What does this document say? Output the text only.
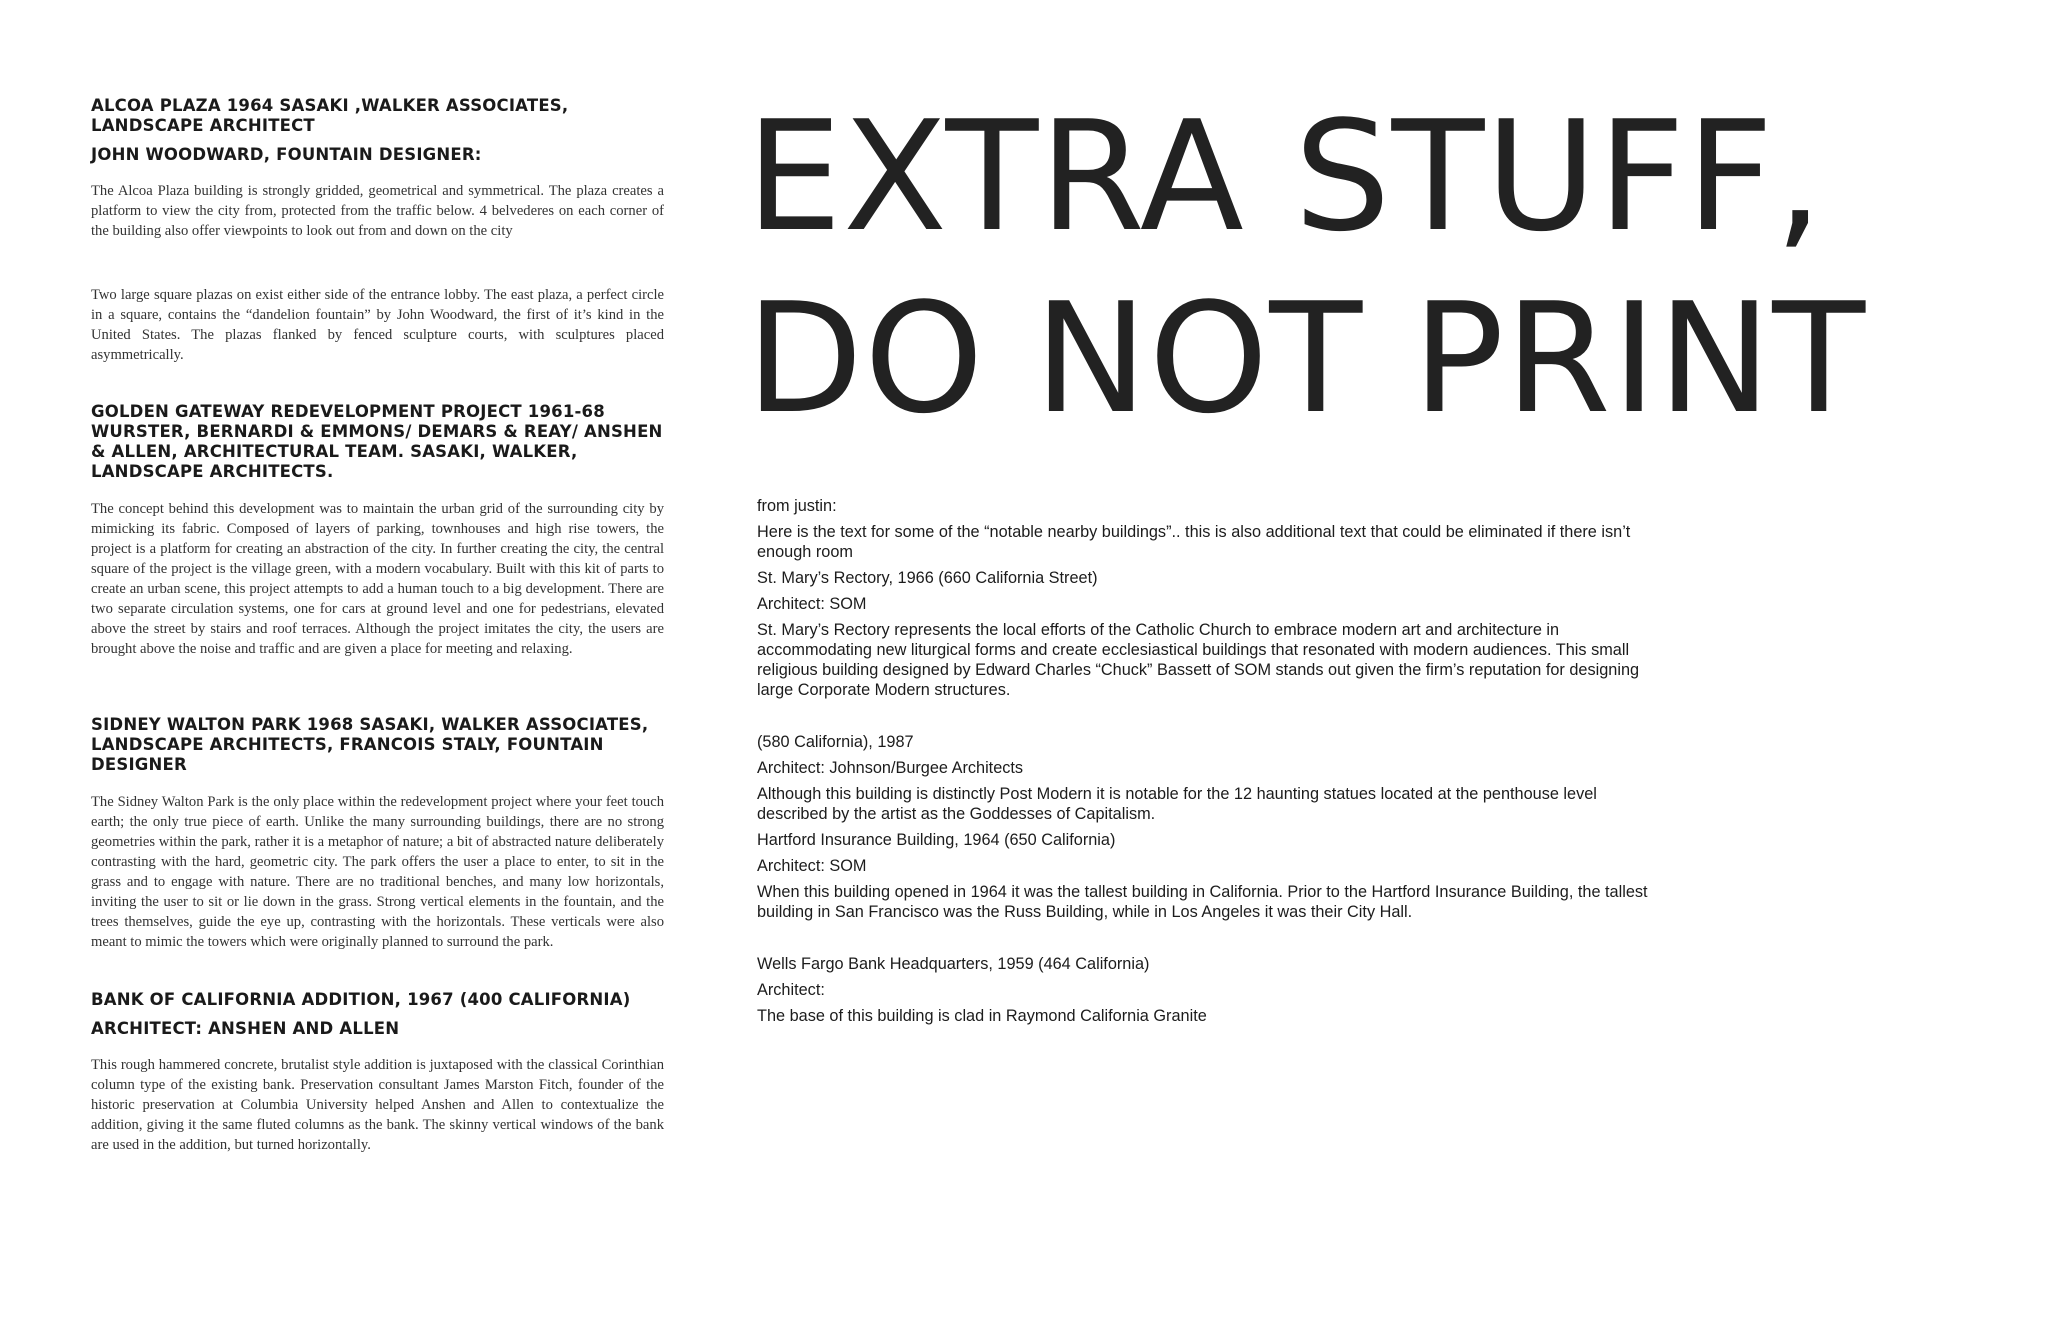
ALCOA PLAZA 1964 SASAKI ,WALKER ASSOCIATES, LANDSCAPE ARCHITECT
JOHN WOODWARD, FOUNTAIN DESIGNER:

The Alcoa Plaza building is strongly gridded, geometrical and symmetrical. The plaza creates a platform to view the city from, protected from the traffic below. 4 belvederes on each corner of the building also offer viewpoints to look out from and down on the city

Two large square plazas on exist either side of the entrance lobby. The east plaza, a perfect circle in a square, contains the “dandelion fountain” by John Woodward, the first of it’s kind in the United States. The plazas flanked by fenced sculpture courts, with sculptures placed asymmetrically.

GOLDEN GATEWAY REDEVELOPMENT PROJECT 1961-68 WURSTER, BERNARDI & EMMONS/ DEMARS & REAY/ ANSHEN & ALLEN, ARCHITECTURAL TEAM. SASAKI, WALKER, LANDSCAPE ARCHITECTS.

The concept behind this development was to maintain the urban grid of the surrounding city by mimicking its fabric. Composed of layers of parking, townhouses and high rise towers, the project is a platform for creating an abstraction of the city. In further creating the city, the central square of the project is the village green, with a modern vocabulary. Built with this kit of parts to create an urban scene, this project attempts to add a human touch to a big development. There are two separate circulation systems, one for cars at ground level and one for pedestrians, elevated above the street by stairs and roof terraces. Although the project imitates the city, the users are brought above the noise and traffic and are given a place for meeting and relaxing.

SIDNEY WALTON PARK 1968 SASAKI, WALKER ASSOCIATES, LANDSCAPE ARCHITECTS, FRANCOIS STALY, FOUNTAIN DESIGNER

The Sidney Walton Park is the only place within the redevelopment project where your feet touch earth; the only true piece of earth. Unlike the many surrounding buildings, there are no strong geometries within the park, rather it is a metaphor of nature; a bit of abstracted nature deliberately contrasting with the hard, geometric city. The park offers the user a place to enter, to sit in the grass and to engage with nature. There are no traditional benches, and many low horizontals, inviting the user to sit or lie down in the grass. Strong vertical elements in the fountain, and the trees themselves, guide the eye up, contrasting with the horizontals. These verticals were also meant to mimic the towers which were originally planned to surround the park.

BANK OF CALIFORNIA ADDITION, 1967 (400 CALIFORNIA)
ARCHITECT: ANSHEN AND ALLEN

This rough hammered concrete, brutalist style addition is juxtaposed with the classical Corinthian column type of the existing bank. Preservation consultant James Marston Fitch, founder of the historic preservation at Columbia University helped Anshen and Allen to contextualize the addition, giving it the same fluted columns as the bank. The skinny vertical windows of the bank are used in the addition, but turned horizontally.

EXTRA STUFF,
DO NOT PRINT

from justin:

Here is the text for some of the “notable nearby buildings”.. this is also additional text that could be eliminated if there isn’t enough room

St. Mary’s Rectory, 1966 (660 California Street)

Architect: SOM

St. Mary’s Rectory represents the local efforts of the Catholic Church to embrace modern art and architecture in accommodating new liturgical forms and create ecclesiastical buildings that resonated with modern audiences. This small religious building designed by Edward Charles “Chuck” Bassett of SOM stands out given the firm’s reputation for designing large Corporate Modern structures.

(580 California), 1987

Architect: Johnson/Burgee Architects

Although this building is distinctly Post Modern it is notable for the 12 haunting statues located at the penthouse level described by the artist as the Goddesses of Capitalism.

Hartford Insurance Building, 1964 (650 California)

Architect: SOM

When this building opened in 1964 it was the tallest building in California. Prior to the Hartford Insurance Building, the tallest building in San Francisco was the Russ Building, while in Los Angeles it was their City Hall.

Wells Fargo Bank Headquarters, 1959 (464 California)

Architect:

The base of this building is clad in Raymond California Granite
